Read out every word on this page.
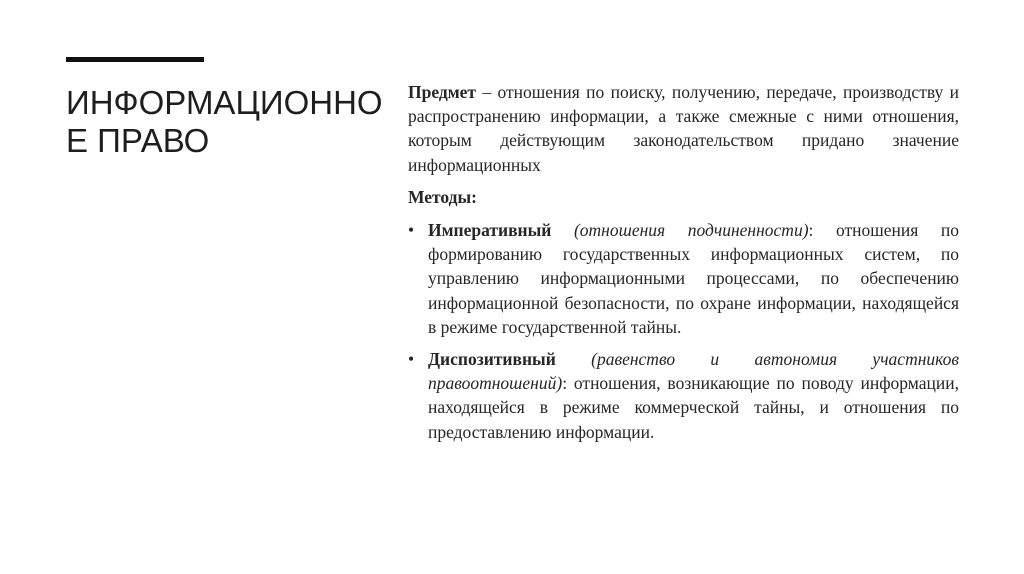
ИНФОРМАЦИОННОЕ ПРАВО

Предмет – отношения по поиску, получению, передаче, производству и распространению информации, а также смежные с ними отношения, которым действующим законодательством придано значение информационных

Методы:

• Императивный (отношения подчиненности): отношения по формированию государственных информационных систем, по управлению информационными процессами, по обеспечению информационной безопасности, по охране информации, находящейся в режиме государственной тайны.
• Диспозитивный (равенство и автономия участников правоотношений): отношения, возникающие по поводу информации, находящейся в режиме коммерческой тайны, и отношения по предоставлению информации.
